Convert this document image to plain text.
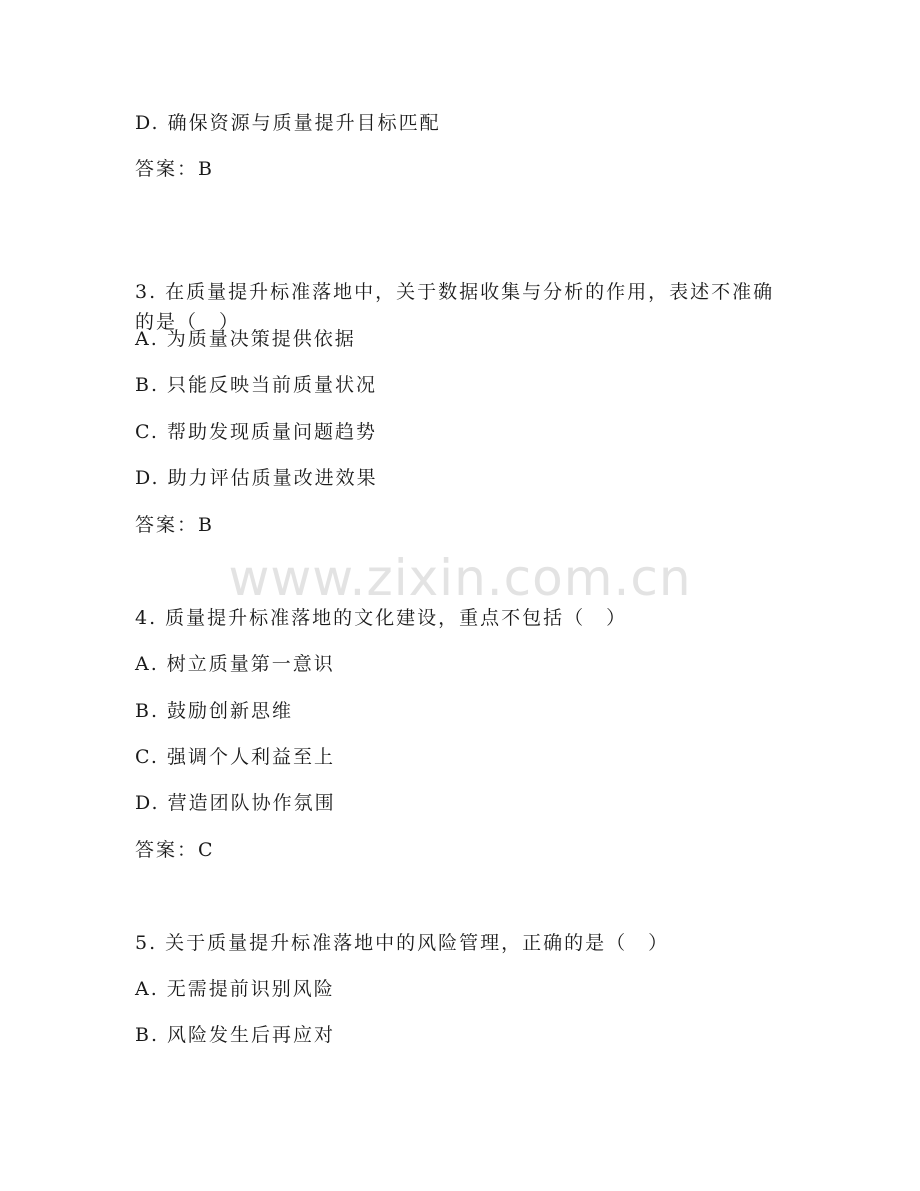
D. 确保资源与质量提升目标匹配
答案：B
3. 在质量提升标准落地中，关于数据收集与分析的作用，表述不准确
的是（　）
A. 为质量决策提供依据
B. 只能反映当前质量状况
C. 帮助发现质量问题趋势
D. 助力评估质量改进效果
答案：B
4. 质量提升标准落地的文化建设，重点不包括（　）
A. 树立质量第一意识
B. 鼓励创新思维
C. 强调个人利益至上
D. 营造团队协作氛围
答案：C
5. 关于质量提升标准落地中的风险管理，正确的是（　）
A. 无需提前识别风险
B. 风险发生后再应对
www.zixin.com.cn
